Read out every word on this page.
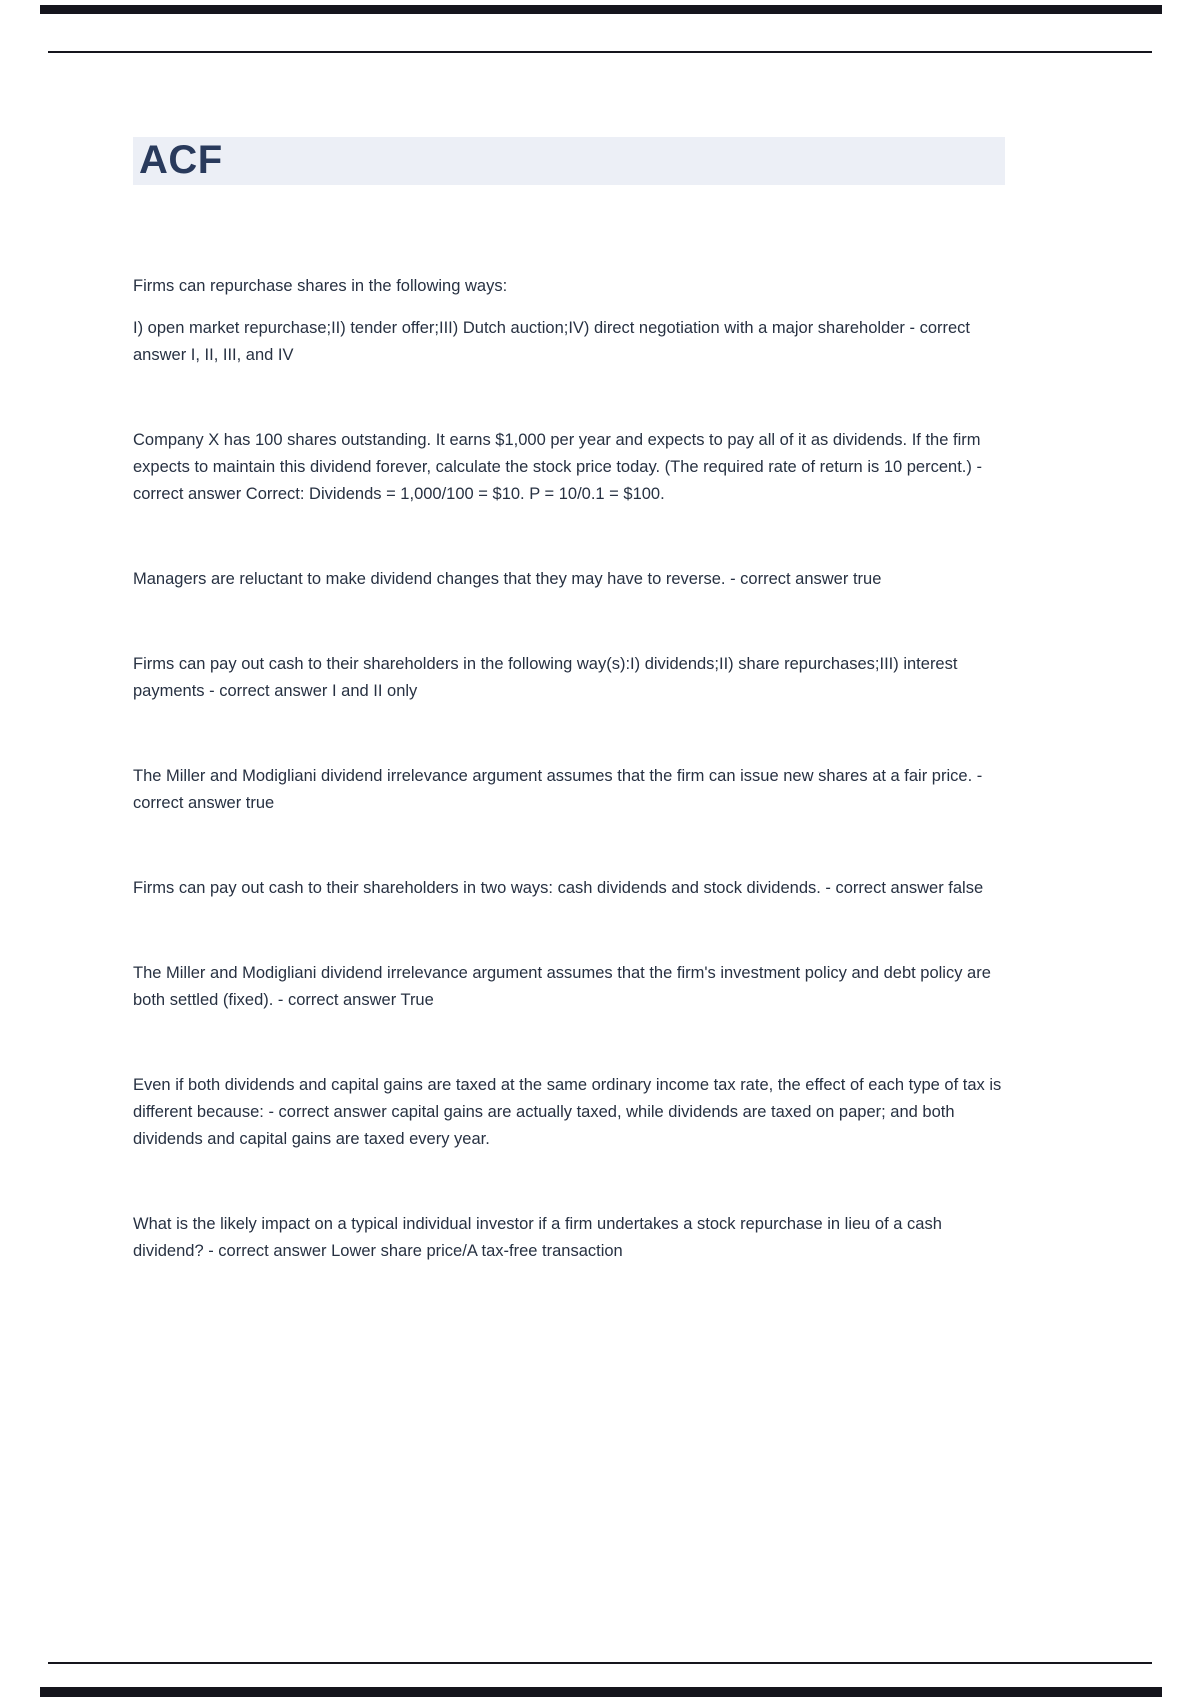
ACF

Firms can repurchase shares in the following ways:

I) open market repurchase;II) tender offer;III) Dutch auction;IV) direct negotiation with a major shareholder - correct answer I, II, III, and IV

Company X has 100 shares outstanding. It earns $1,000 per year and expects to pay all of it as dividends. If the firm expects to maintain this dividend forever, calculate the stock price today. (The required rate of return is 10 percent.) - correct answer Correct: Dividends = 1,000/100 = $10. P = 10/0.1 = $100.

Managers are reluctant to make dividend changes that they may have to reverse. - correct answer true

Firms can pay out cash to their shareholders in the following way(s):I) dividends;II) share repurchases;III) interest payments - correct answer I and II only

The Miller and Modigliani dividend irrelevance argument assumes that the firm can issue new shares at a fair price. - correct answer true

Firms can pay out cash to their shareholders in two ways: cash dividends and stock dividends. - correct answer false

The Miller and Modigliani dividend irrelevance argument assumes that the firm's investment policy and debt policy are both settled (fixed). - correct answer True

Even if both dividends and capital gains are taxed at the same ordinary income tax rate, the effect of each type of tax is different because: - correct answer capital gains are actually taxed, while dividends are taxed on paper; and both dividends and capital gains are taxed every year.

What is the likely impact on a typical individual investor if a firm undertakes a stock repurchase in lieu of a cash dividend? - correct answer Lower share price/A tax-free transaction
